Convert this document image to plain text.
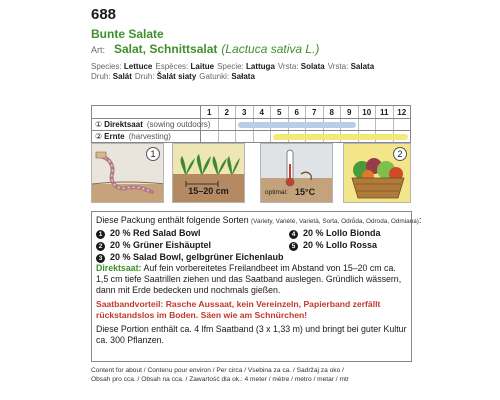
688
Bunte Salate
Art: Salat, Schnittsalat (Lactuca sativa L.)
Species: Lettuce Espèces: Laitue Specie: Lattuga Vrsta: Solata Vrsta: Salata
Druh: Salát Druh: Šalát siaty Gatunki: Sałata
1	2	3	4	5	6	7	8	9	10	11	12
① Direktsaat (sowing outdoors)
② Ernte (harvesting)
1
15–20 cm	optimal: 15°C
2
Diese Packung enthält folgende Sorten (Variety, Variété, Varietà, Sorta, Odrůda, Odroda, Odmiana):
1 20 % Red Salad Bowl
2 20 % Grüner Eishäuptel
3 20 % Salad Bowl, gelbgrüner Eichenlaub
4 20 % Lollo Bionda
5 20 % Lollo Rossa
Direktsaat: Auf fein vorbereitetes Freilandbeet im Abstand von 15–20 cm ca. 1,5 cm tiefe Saatrillen ziehen und das Saatband auslegen. Gründlich wässern, dann mit Erde bedecken und nochmals gießen.
Saatbandvorteil: Rasche Aussaat, kein Vereinzeln, Papierband zerfällt rückstandslos im Boden. Säen wie am Schnürchen!
Diese Portion enthält ca. 4 lfm Saatband (3 x 1,33 m) und bringt bei guter Kultur ca. 300 Pflanzen.
Content for about / Contenu pour environ / Per circa / Vsebina za ca. / Sadržaj za oko /
Obsah pro cca. / Obsah na cca. / Zawartość dla ok.: 4 meter / mètre / metro / metar / mtr
